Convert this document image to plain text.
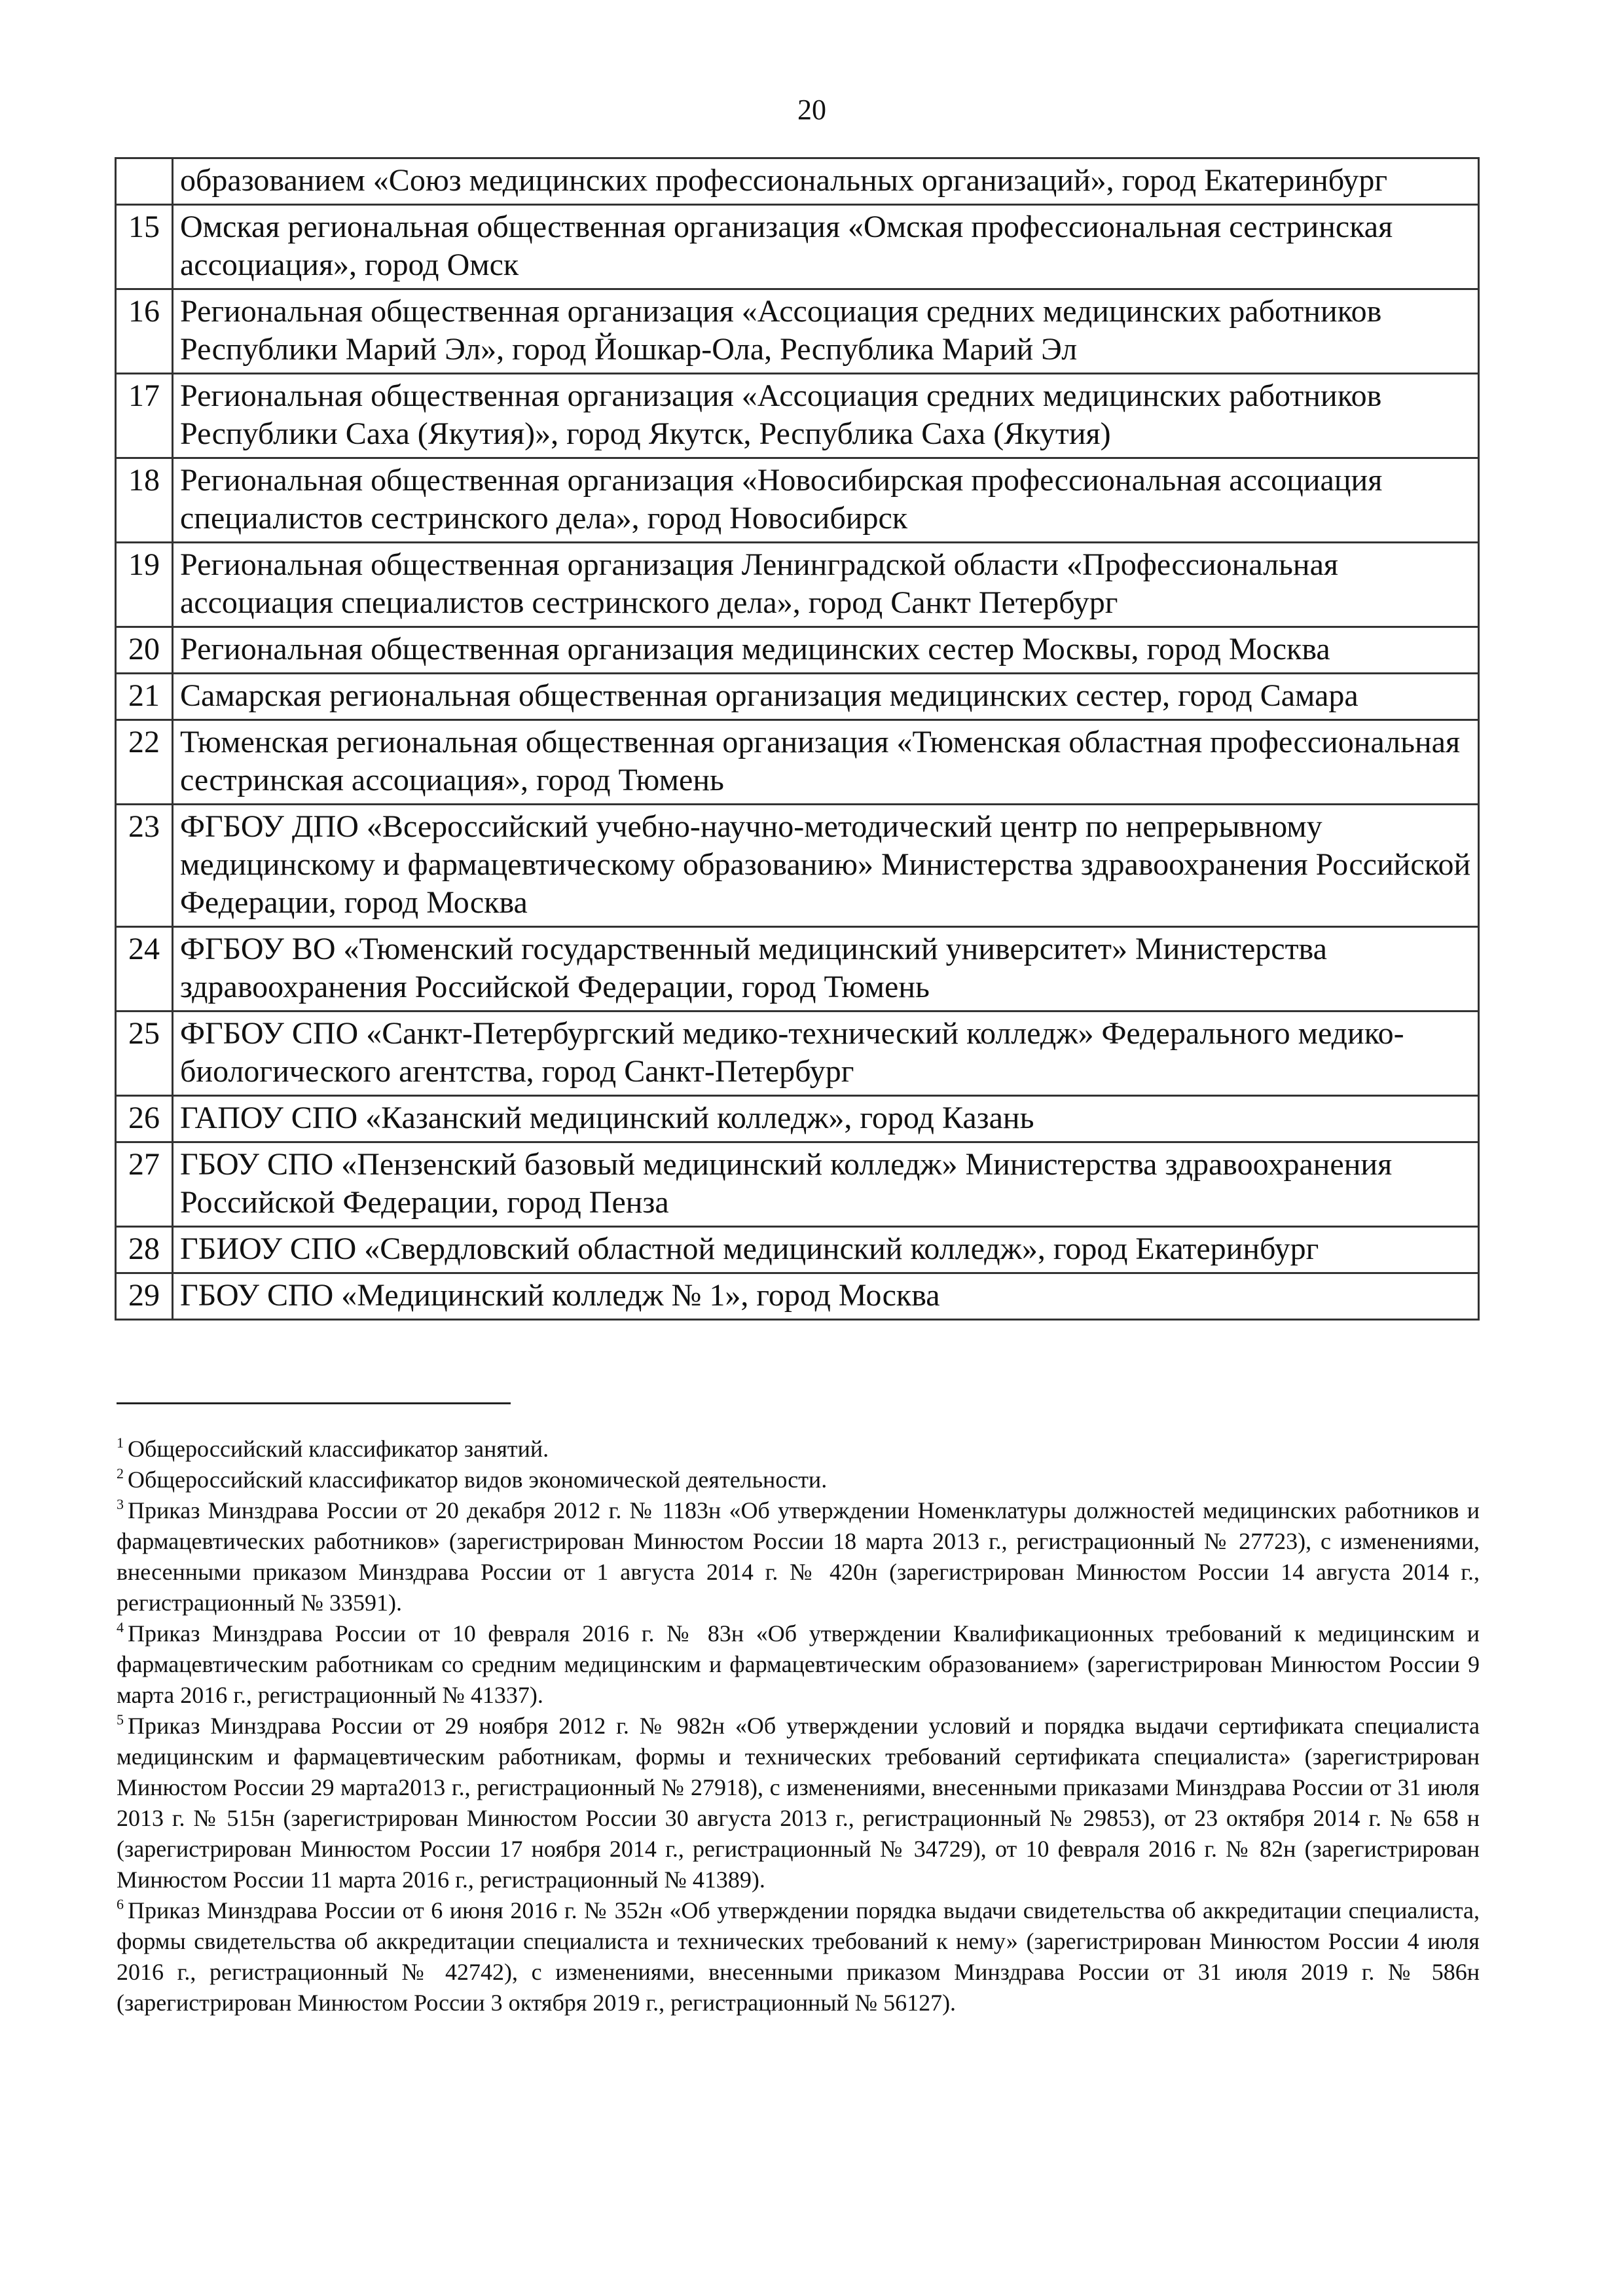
20
	образованием «Союз медицинских профессиональных организаций», город Екатеринбург
15	Омская региональная общественная организация «Омская профессиональная сестринская ассоциация», город Омск
16	Региональная общественная организация «Ассоциация средних медицинских работников Республики Марий Эл», город Йошкар-Ола, Республика Марий Эл
17	Региональная общественная организация «Ассоциация средних медицинских работников Республики Саха (Якутия)», город Якутск, Республика Саха (Якутия)
18	Региональная общественная организация «Новосибирская профессиональная ассоциация специалистов сестринского дела», город Новосибирск
19	Региональная общественная организация Ленинградской области «Профессиональная ассоциация специалистов сестринского дела», город Санкт Петербург
20	Региональная общественная организация медицинских сестер Москвы, город Москва
21	Самарская региональная общественная организация медицинских сестер, город Самара
22	Тюменская региональная общественная организация «Тюменская областная профессиональная сестринская ассоциация», город Тюмень
23	ФГБОУ ДПО «Всероссийский учебно-научно-методический центр по непрерывному медицинскому и фармацевтическому образованию» Министерства здравоохранения Российской Федерации, город Москва
24	ФГБОУ ВО «Тюменский государственный медицинский университет» Министерства здравоохранения Российской Федерации, город Тюмень
25	ФГБОУ СПО «Санкт-Петербургский медико-технический колледж» Федерального медико-биологического агентства, город Санкт-Петербург
26	ГАПОУ СПО «Казанский медицинский колледж», город Казань
27	ГБОУ СПО «Пензенский базовый медицинский колледж» Министерства здравоохранения Российской Федерации, город Пенза
28	ГБИОУ СПО «Свердловский областной медицинский колледж», город Екатеринбург
29	ГБОУ СПО «Медицинский колледж № 1», город Москва

$^1$ Общероссийский классификатор занятий.

$^2$ Общероссийский классификатор видов экономической деятельности.

$^3$ Приказ Минздрава России от 20 декабря 2012 г. № 1183н «Об утверждении Номенклатуры должностей медицинских работников и фармацевтических работников» (зарегистрирован Минюстом России 18 марта 2013 г., регистрационный № 27723), с изменениями, внесенными приказом Минздрава России от 1 августа 2014 г. № 420н (зарегистрирован Минюстом России 14 августа 2014 г., регистрационный № 33591).

$^4$ Приказ Минздрава России от 10 февраля 2016 г. № 83н «Об утверждении Квалификационных требований к медицинским и фармацевтическим работникам со средним медицинским и фармацевтическим образованием» (зарегистрирован Минюстом России 9 марта 2016 г., регистрационный № 41337).

$^5$ Приказ Минздрава России от 29 ноября 2012 г. № 982н «Об утверждении условий и порядка выдачи сертификата специалиста медицинским и фармацевтическим работникам, формы и технических требований сертификата специалиста» (зарегистрирован Минюстом России 29 марта2013 г., регистрационный № 27918), с изменениями, внесенными приказами Минздрава России от 31 июля 2013 г. № 515н (зарегистрирован Минюстом России 30 августа 2013 г., регистрационный № 29853), от 23 октября 2014 г. № 658 н (зарегистрирован Минюстом России 17 ноября 2014 г., регистрационный № 34729), от 10 февраля 2016 г. № 82н (зарегистрирован Минюстом России 11 марта 2016 г., регистрационный № 41389).

$^6$ Приказ Минздрава России от 6 июня 2016 г. № 352н «Об утверждении порядка выдачи свидетельства об аккредитации специалиста, формы свидетельства об аккредитации специалиста и технических требований к нему» (зарегистрирован Минюстом России 4 июля 2016 г., регистрационный № 42742), с изменениями, внесенными приказом Минздрава России от 31 июля 2019 г. № 586н (зарегистрирован Минюстом России 3 октября 2019 г., регистрационный № 56127).
